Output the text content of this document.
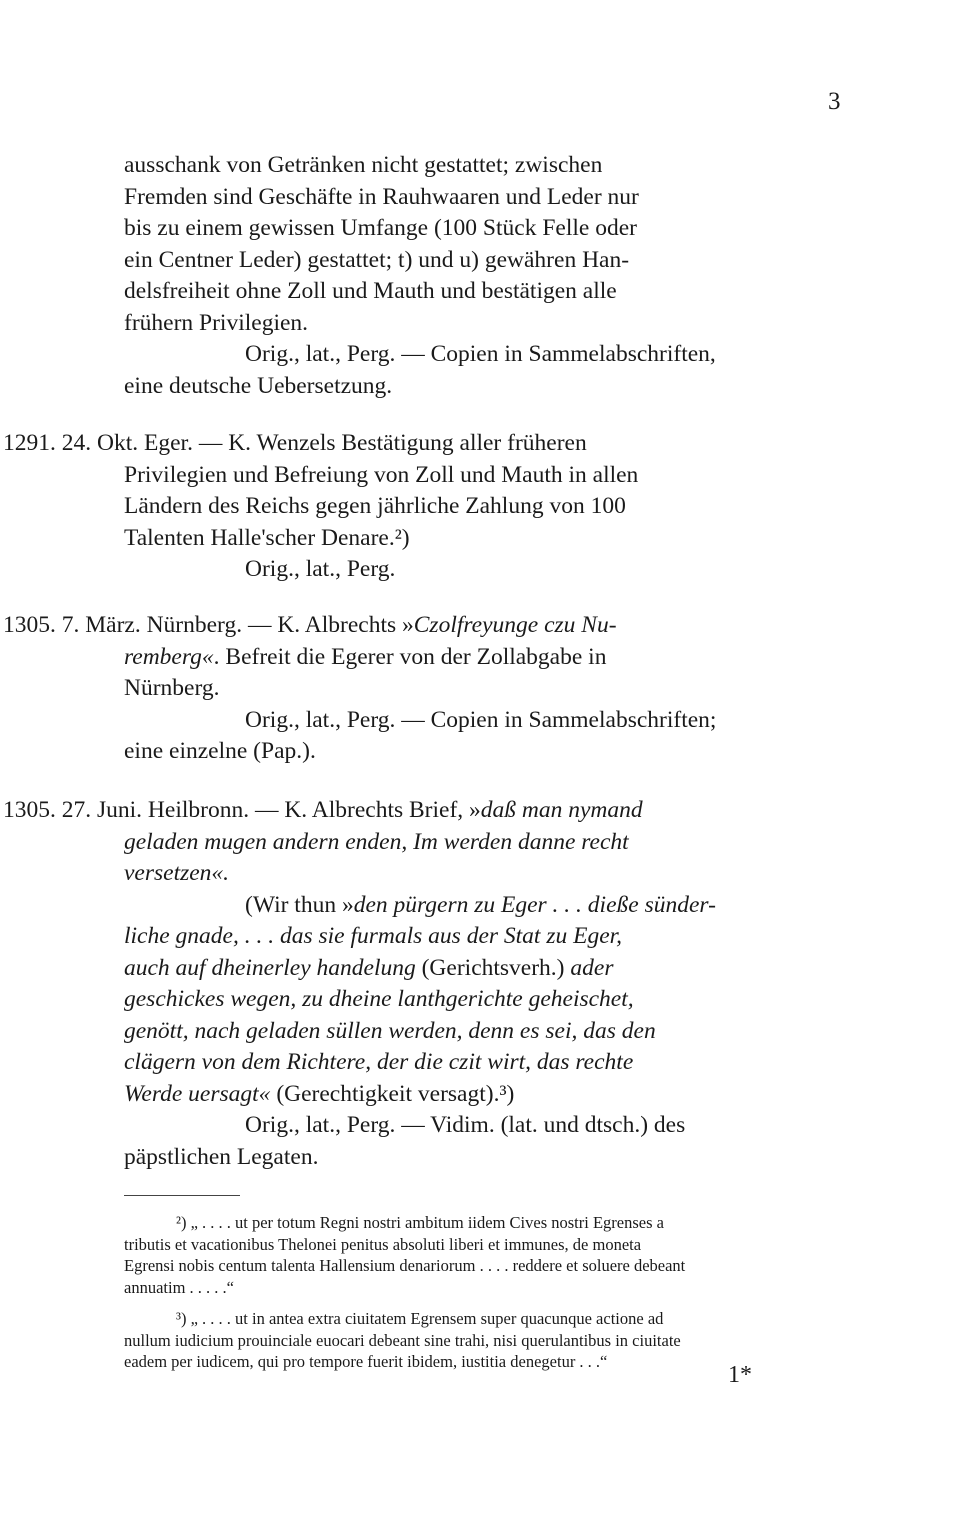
3
ausschank von Getränken nicht gestattet; zwischen
Fremden sind Geschäfte in Rauhwaaren und Leder nur
bis zu einem gewissen Umfange (100 Stück Felle oder
ein Centner Leder) gestattet; t) und u) gewähren Han-
delsfreiheit ohne Zoll und Mauth und bestätigen alle
frühern Privilegien.
Orig., lat., Perg. — Copien in Sammelabschriften,
eine deutsche Uebersetzung.
1291. 24. Okt. Eger. — K. Wenzels Bestätigung aller früheren
Privilegien und Befreiung von Zoll und Mauth in allen
Ländern des Reichs gegen jährliche Zahlung von 100
Talenten Halle'scher Denare.²)
Orig., lat., Perg.
1305. 7. März. Nürnberg. — K. Albrechts »Czolfreyunge czu Nu-
remberg«. Befreit die Egerer von der Zollabgabe in
Nürnberg.
Orig., lat., Perg. — Copien in Sammelabschriften;
eine einzelne (Pap.).
1305. 27. Juni. Heilbronn. — K. Albrechts Brief, »daß man nymand
geladen mugen andern enden, Im werden danne recht
versetzen«.
(Wir thun »den pürgern zu Eger . . . dieße sünder-
liche gnade, . . . das sie furmals aus der Stat zu Eger,
auch auf dheinerley handelung (Gerichtsverh.) ader
geschickes wegen, zu dheine lanthgerichte geheischet,
genött, nach geladen süllen werden, denn es sei, das den
clägern von dem Richtere, der die czit wirt, das rechte
Werde uersagt« (Gerechtigkeit versagt).³)
Orig., lat., Perg. — Vidim. (lat. und dtsch.) des
päpstlichen Legaten.
²) „ . . . . ut per totum Regni nostri ambitum iidem Cives nostri Egrenses a
tributis et vacationibus Thelonei penitus absoluti liberi et immunes, de moneta
Egrensi nobis centum talenta Hallensium denariorum . . . . reddere et soluere debeant
annuatim . . . . .“
³) „ . . . . ut in antea extra ciuitatem Egrensem super quacunque actione ad
nullum iudicium prouinciale euocari debeant sine trahi, nisi querulantibus in ciuitate
eadem per iudicem, qui pro tempore fuerit ibidem, iustitia denegetur . . .“
1*
